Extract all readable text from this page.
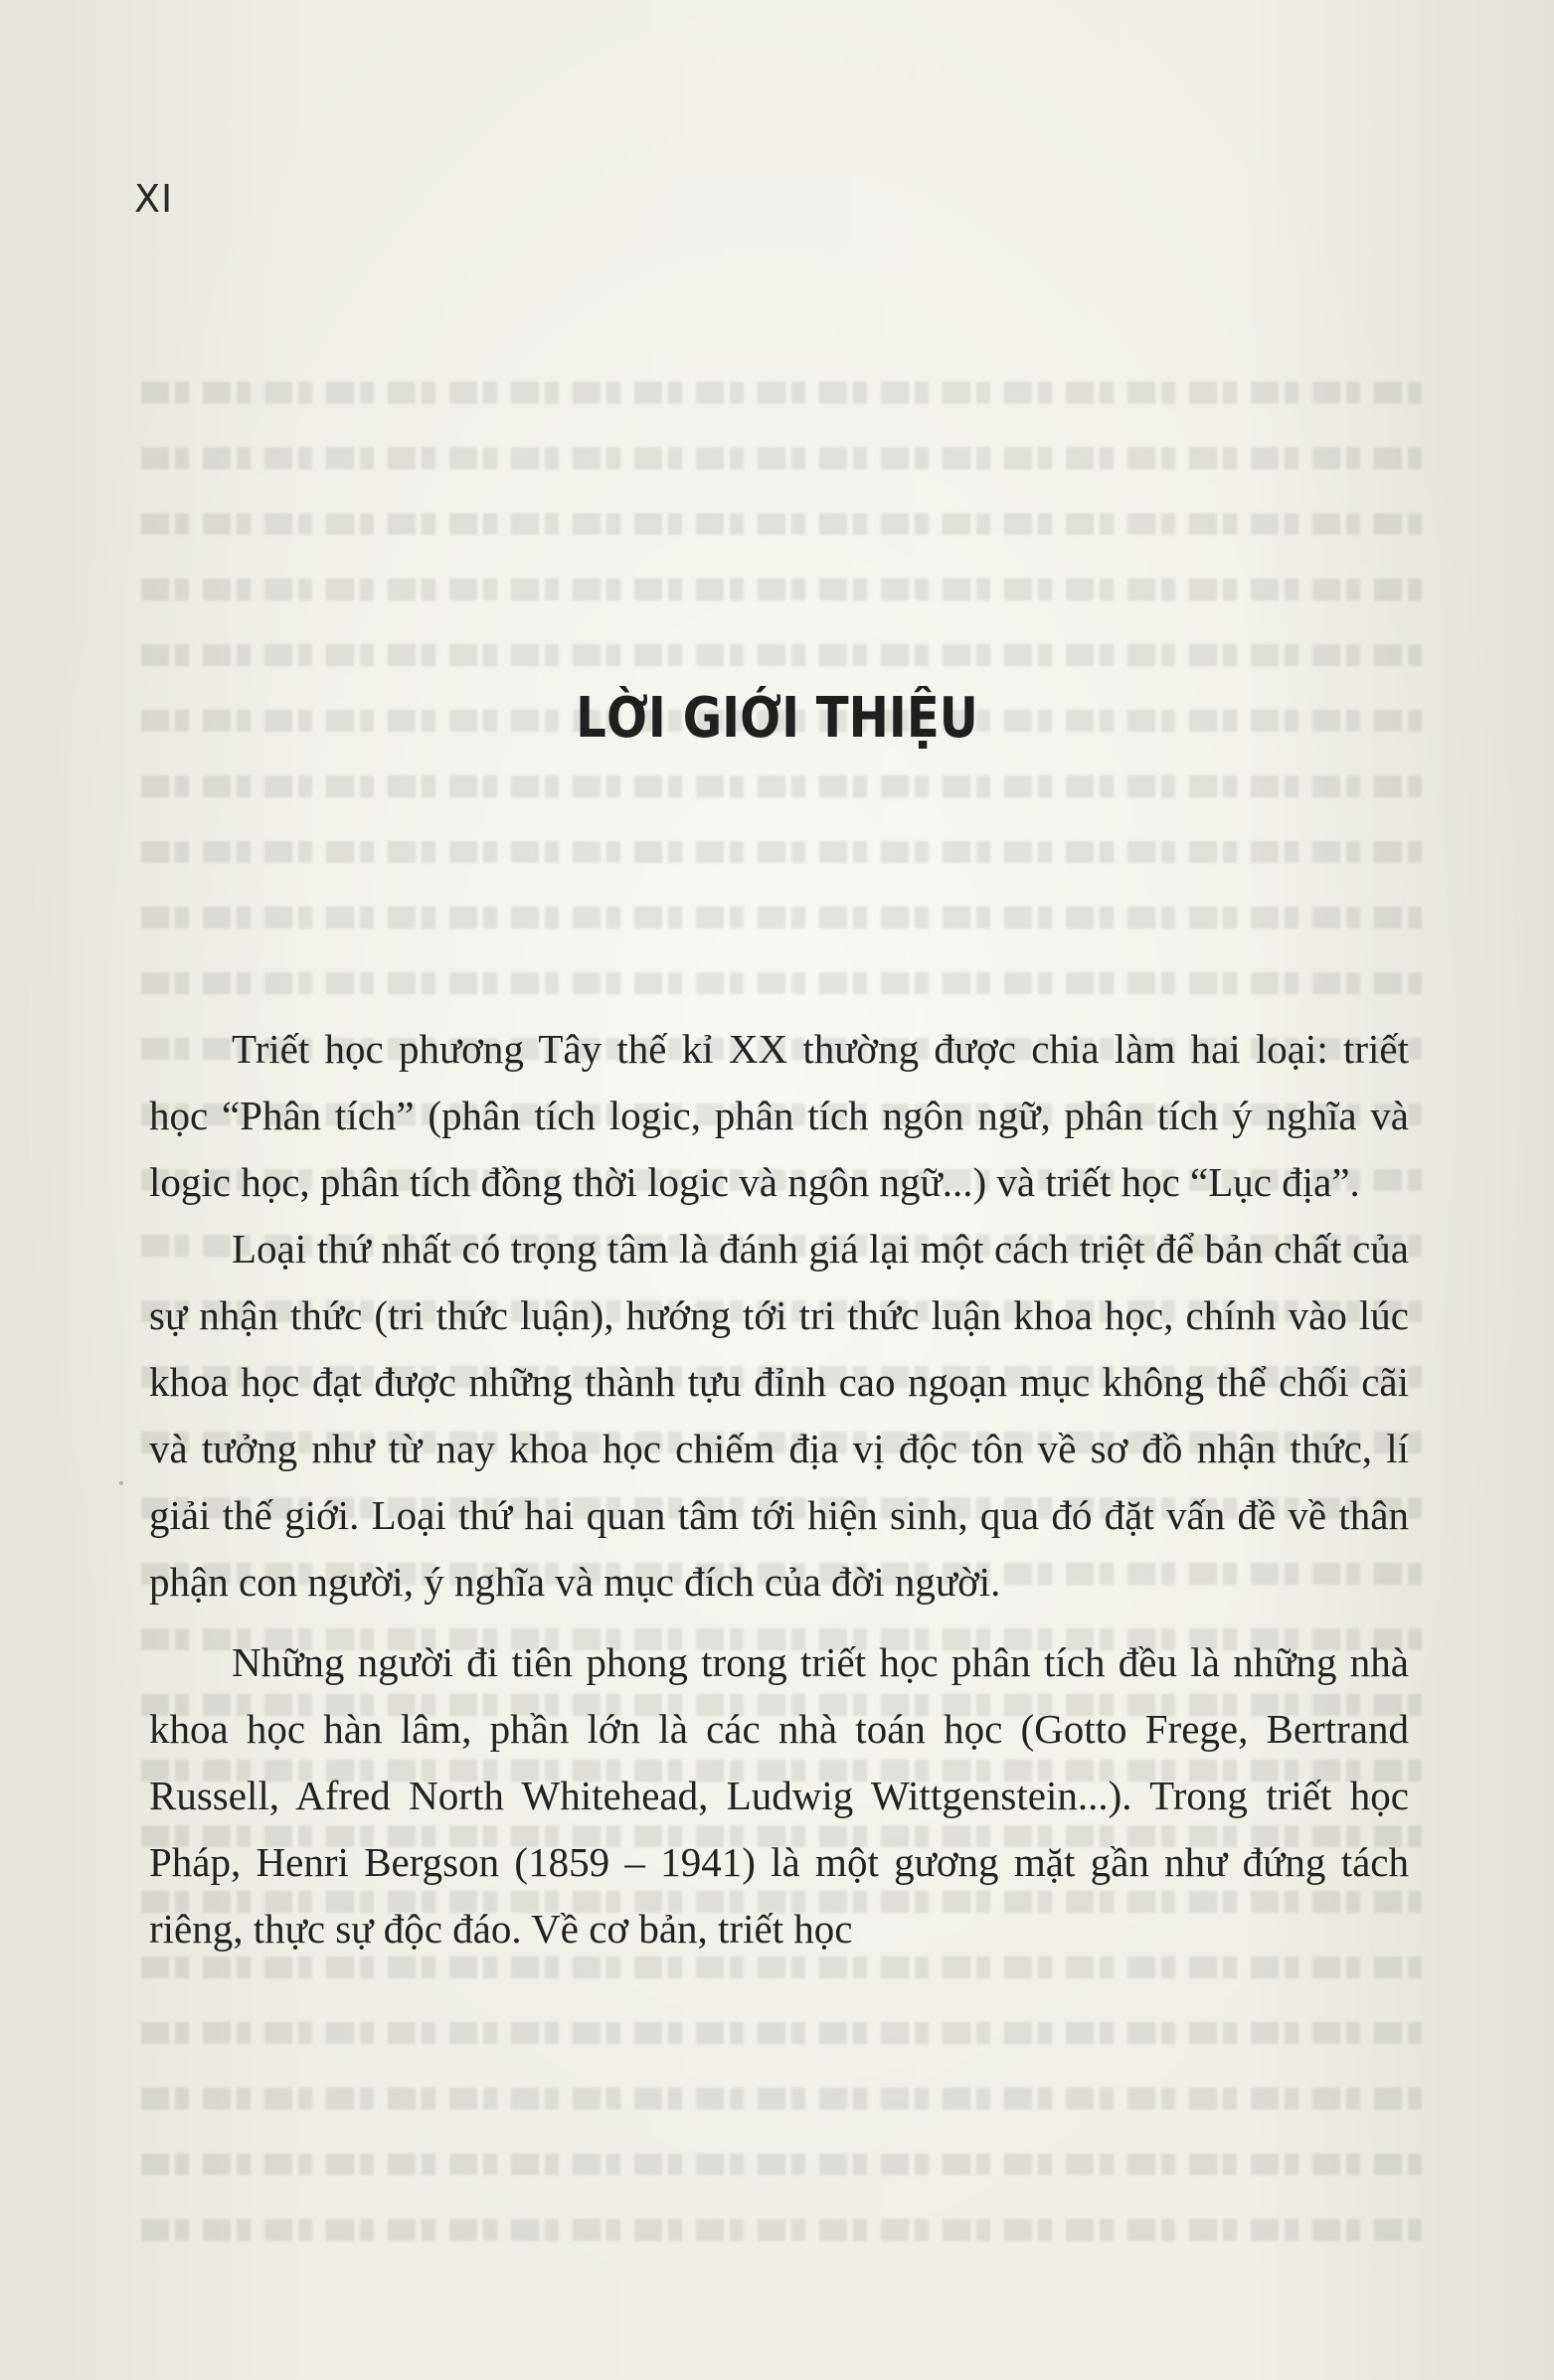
XI
LỜI GIỚI THIỆU

Triết học phương Tây thế kỉ XX thường được chia làm hai loại: triết học “Phân tích” (phân tích logic, phân tích ngôn ngữ, phân tích ý nghĩa và logic học, phân tích đồng thời logic và ngôn ngữ...) và triết học “Lục địa”.

Loại thứ nhất có trọng tâm là đánh giá lại một cách triệt để bản chất của sự nhận thức (tri thức luận), hướng tới tri thức luận khoa học, chính vào lúc khoa học đạt được những thành tựu đỉnh cao ngoạn mục không thể chối cãi và tưởng như từ nay khoa học chiếm địa vị độc tôn về sơ đồ nhận thức, lí giải thế giới. Loại thứ hai quan tâm tới hiện sinh, qua đó đặt vấn đề về thân phận con người, ý nghĩa và mục đích của đời người.

Những người đi tiên phong trong triết học phân tích đều là những nhà khoa học hàn lâm, phần lớn là các nhà toán học (Gotto Frege, Bertrand Russell, Afred North Whitehead, Ludwig Wittgenstein...). Trong triết học Pháp, Henri Bergson (1859 – 1941) là một gương mặt gần như đứng tách riêng, thực sự độc đáo. Về cơ bản, triết học
